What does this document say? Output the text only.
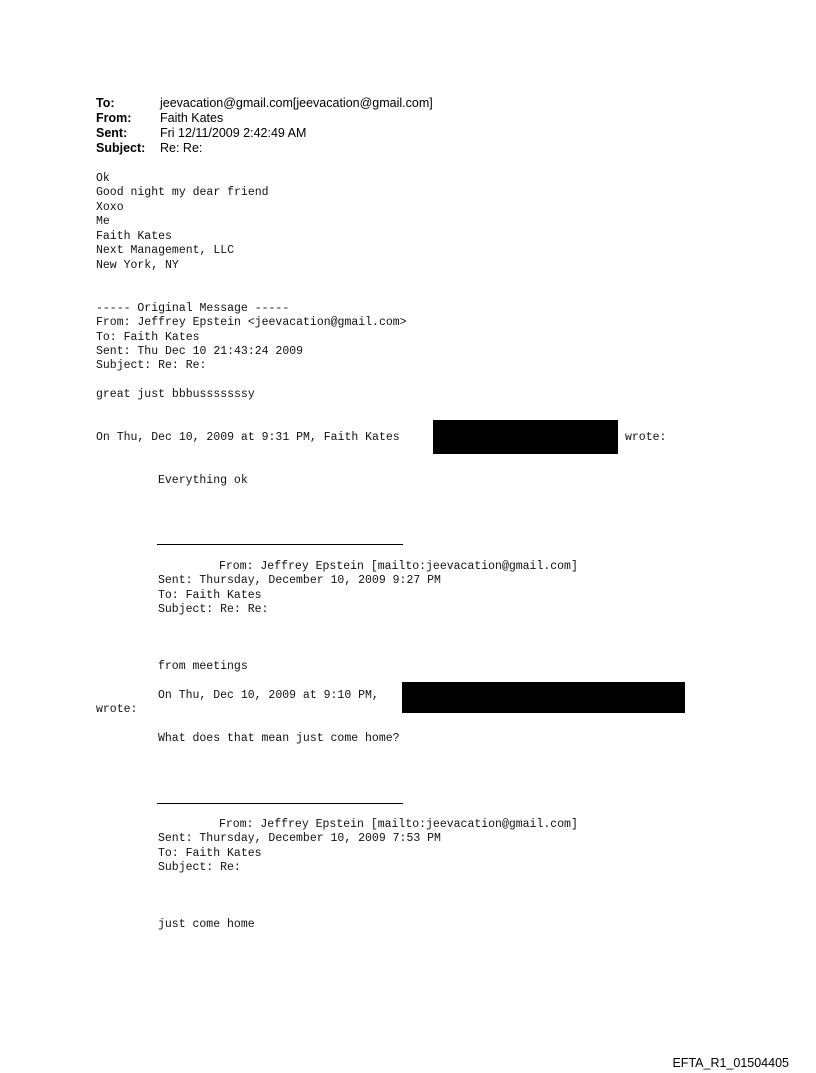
To:	jeevacation@gmail.com[jeevacation@gmail.com]
From: Faith Kates
Sent:	Fri 12/11/2009 2:42:49 AM
Subject: Re: Re:
Ok
Good night my dear friend
Xoxo
Me
Faith Kates
Next Management, LLC
New York, NY
----- Original Message -----
From: Jeffrey Epstein <jeevacation@gmail.com>
To: Faith Kates
Sent: Thu Dec 10 21:43:24 2009
Subject: Re: Re:
great just bbbusssssssy
On Thu, Dec 10, 2009 at 9:31 PM, Faith Kates	wrote:
Everything ok
From: Jeffrey Epstein [mailto:jeevacation@gmail.com]
Sent: Thursday, December 10, 2009 9:27 PM
To: Faith Kates
Subject: Re: Re:
from meetings
On Thu, Dec 10, 2009 at 9:10 PM,
wrote:
What does that mean just come home?
From: Jeffrey Epstein [mailto:jeevacation@gmail.com]
Sent: Thursday, December 10, 2009 7:53 PM
To: Faith Kates
Subject: Re:
just come home
EFTA_R1_01504405
